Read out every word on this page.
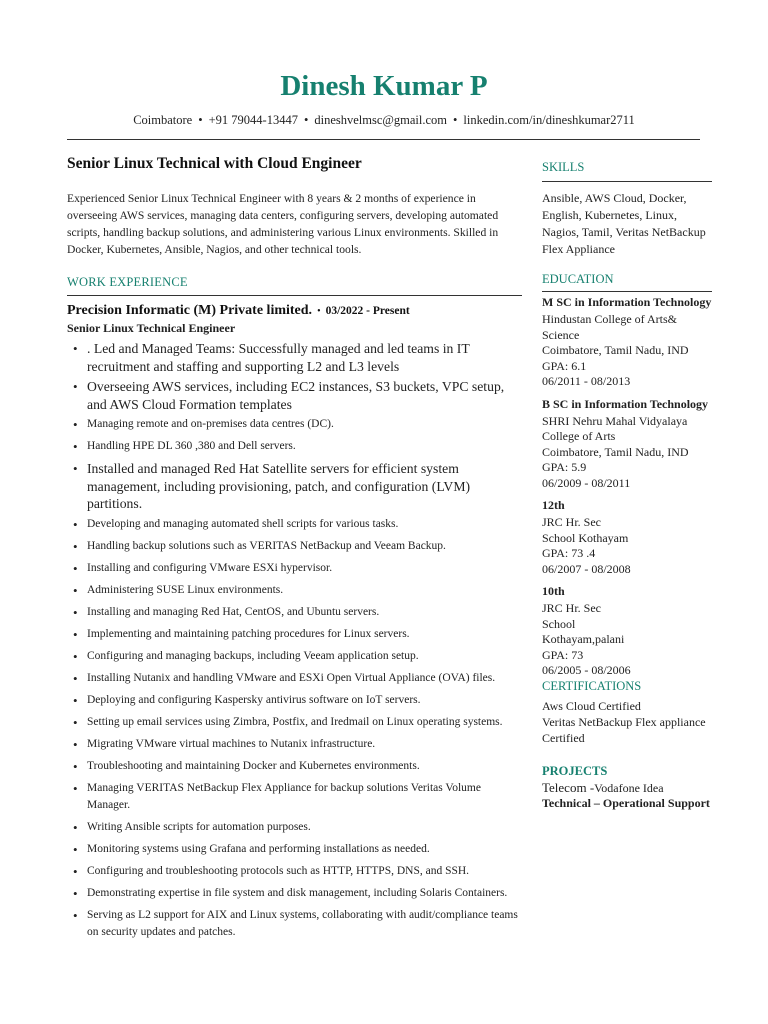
Dinesh Kumar P
Coimbatore • +91 79044-13447 • dineshvelmsc@gmail.com • linkedin.com/in/dineshkumar2711
Senior Linux Technical with Cloud Engineer
Experienced Senior Linux Technical Engineer with 8 years & 2 months of experience in overseeing AWS services, managing data centers, configuring servers, developing automated scripts, handling backup solutions, and administering various Linux environments. Skilled in Docker, Kubernetes, Ansible, Nagios, and other technical tools.
WORK EXPERIENCE
Precision Informatic (M) Private limited. • 03/2022 - Present
Senior Linux Technical Engineer
• . Led and Managed Teams: Successfully managed and led teams in IT recruitment and staffing and supporting L2 and L3 levels
• Overseeing AWS services, including EC2 instances, S3 buckets, VPC setup, and AWS Cloud Formation templates
• Managing remote and on-premises data centres (DC).
• Handling HPE DL 360 ,380 and Dell servers.
• Installed and managed Red Hat Satellite servers for efficient system management, including provisioning, patch, and configuration (LVM) partitions.
• Developing and managing automated shell scripts for various tasks.
• Handling backup solutions such as VERITAS NetBackup and Veeam Backup.
• Installing and configuring VMware ESXi hypervisor.
• Administering SUSE Linux environments.
• Installing and managing Red Hat, CentOS, and Ubuntu servers.
• Implementing and maintaining patching procedures for Linux servers.
• Configuring and managing backups, including Veeam application setup.
• Installing Nutanix and handling VMware and ESXi Open Virtual Appliance (OVA) files.
• Deploying and configuring Kaspersky antivirus software on IoT servers.
• Setting up email services using Zimbra, Postfix, and Iredmail on Linux operating systems.
• Migrating VMware virtual machines to Nutanix infrastructure.
• Troubleshooting and maintaining Docker and Kubernetes environments.
• Managing VERITAS NetBackup Flex Appliance for backup solutions Veritas Volume Manager.
• Writing Ansible scripts for automation purposes.
• Monitoring systems using Grafana and performing installations as needed.
• Configuring and troubleshooting protocols such as HTTP, HTTPS, DNS, and SSH.
• Demonstrating expertise in file system and disk management, including Solaris Containers.
• Serving as L2 support for AIX and Linux systems, collaborating with audit/compliance teams on security updates and patches.
SKILLS
Ansible, AWS Cloud, Docker, English, Kubernetes, Linux, Nagios, Tamil, Veritas NetBackup Flex Appliance
EDUCATION
M SC in Information Technology
Hindustan College of Arts& Science
Coimbatore, Tamil Nadu, IND GPA: 6.1
06/2011 - 08/2013
B SC in Information Technology
SHRI Nehru Mahal Vidyalaya College of Arts
Coimbatore, Tamil Nadu, IND GPA: 5.9
06/2009 - 08/2011
12th
JRC Hr. Sec
School Kothayam
GPA: 73 .4
06/2007 - 08/2008
10th
JRC Hr. Sec
School
Kothayam,palani
GPA: 73
06/2005 - 08/2006
CERTIFICATIONS
Aws Cloud Certified
Veritas NetBackup Flex appliance Certified
PROJECTS
Telecom -Vodafone Idea
Technical – Operational Support
